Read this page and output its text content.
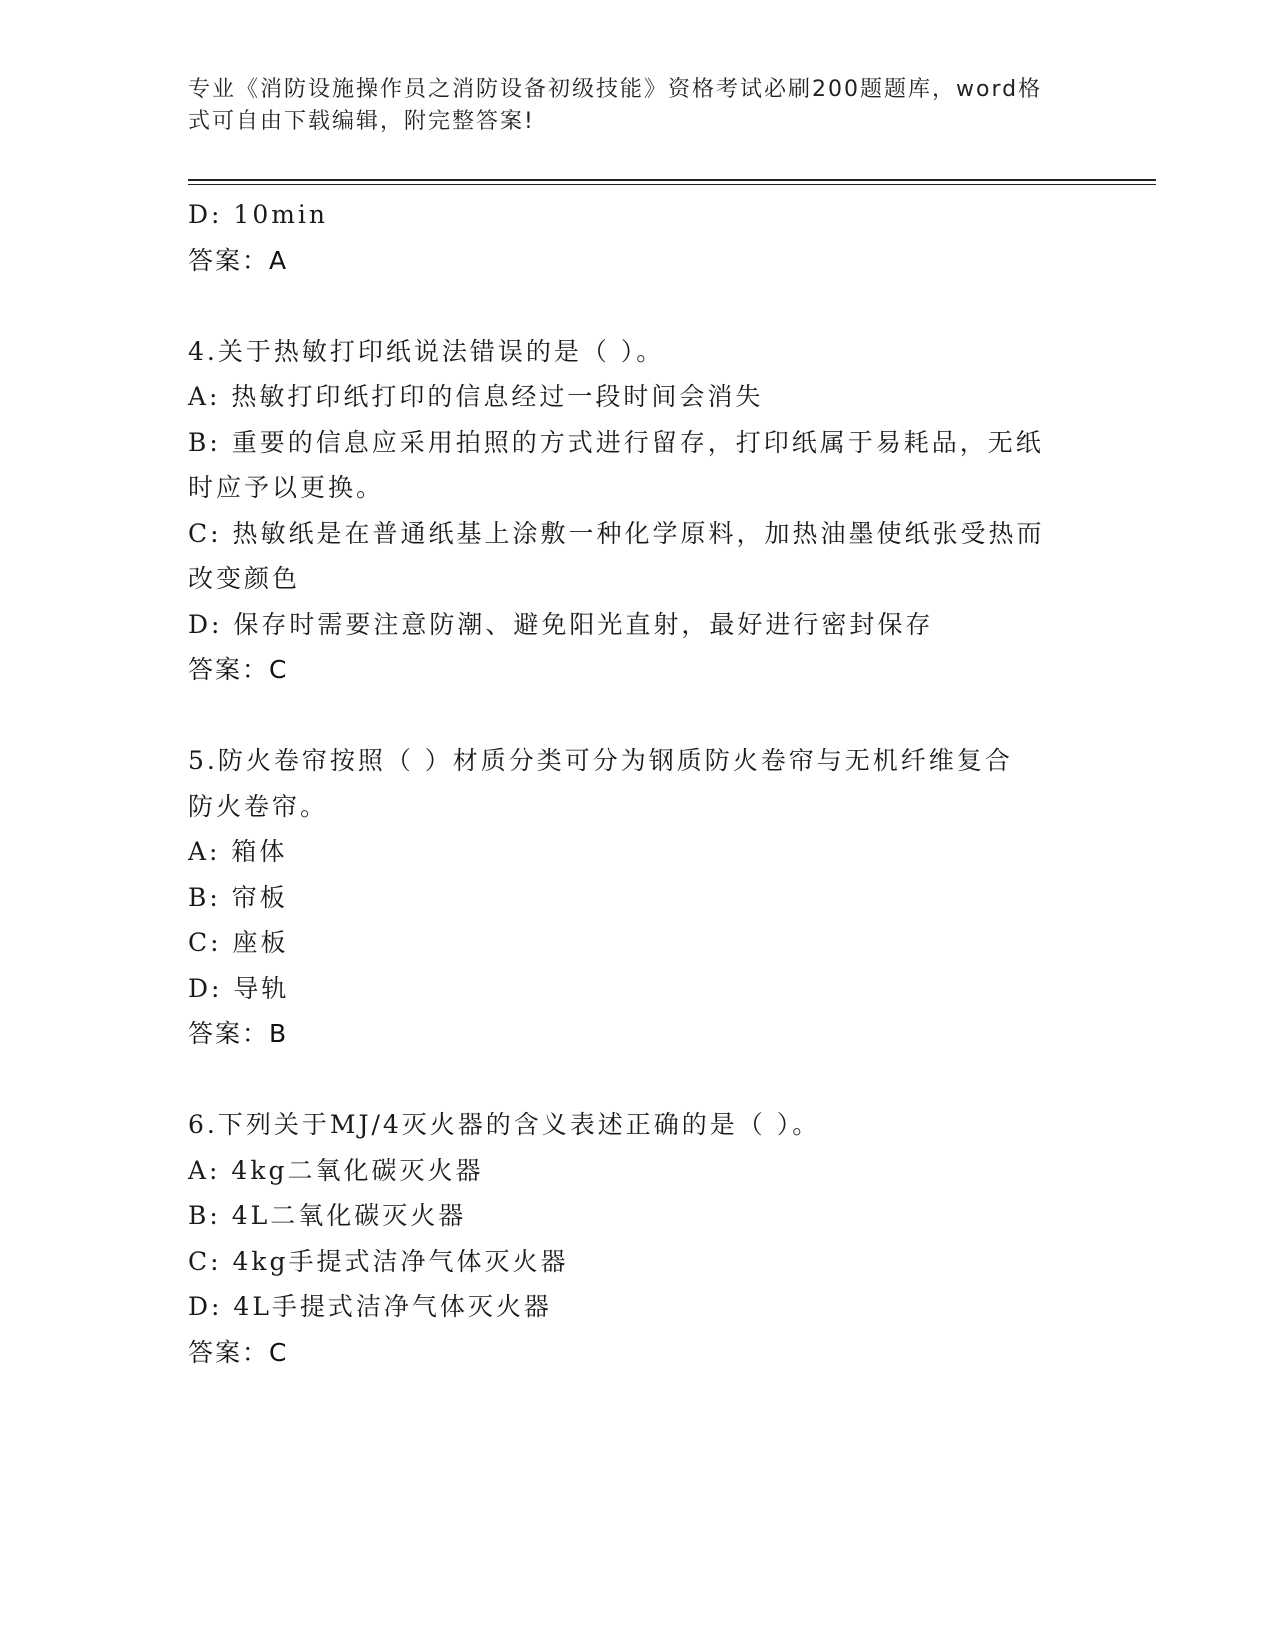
专业《消防设施操作员之消防设备初级技能》资格考试必刷200题题库，word格
式可自由下载编辑，附完整答案!
D: 10min
答案：A
4.关于热敏打印纸说法错误的是（ ）。
A: 热敏打印纸打印的信息经过一段时间会消失
B: 重要的信息应采用拍照的方式进行留存，打印纸属于易耗品，无纸
时应予以更换。
C: 热敏纸是在普通纸基上涂敷一种化学原料，加热油墨使纸张受热而
改变颜色
D: 保存时需要注意防潮、避免阳光直射，最好进行密封保存
答案：C
5.防火卷帘按照（ ）材质分类可分为钢质防火卷帘与无机纤维复合
防火卷帘。
A: 箱体
B: 帘板
C: 座板
D: 导轨
答案：B
6.下列关于MJ/4灭火器的含义表述正确的是（ ）。
A: 4kg二氧化碳灭火器
B: 4L二氧化碳灭火器
C: 4kg手提式洁净气体灭火器
D: 4L手提式洁净气体灭火器
答案：C
